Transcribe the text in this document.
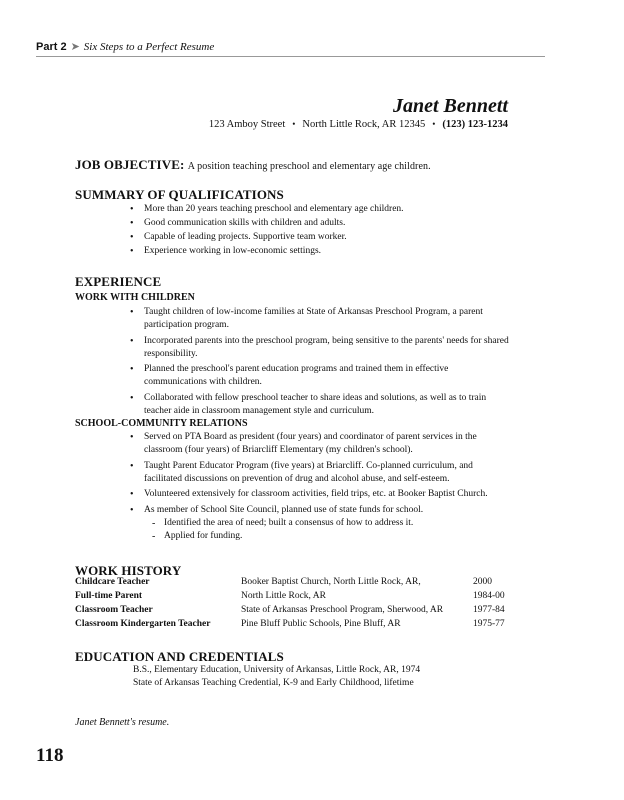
Part 2 ➤ Six Steps to a Perfect Resume
Janet Bennett
123 Amboy Street • North Little Rock, AR 12345 • (123) 123-1234
JOB OBJECTIVE: A position teaching preschool and elementary age children.
SUMMARY OF QUALIFICATIONS
• More than 20 years teaching preschool and elementary age children.
• Good communication skills with children and adults.
• Capable of leading projects. Supportive team worker.
• Experience working in low-economic settings.
EXPERIENCE
WORK WITH CHILDREN
• Taught children of low-income families at State of Arkansas Preschool Program, a parent participation program.
• Incorporated parents into the preschool program, being sensitive to the parents' needs for shared responsibility.
• Planned the preschool's parent education programs and trained them in effective communications with children.
• Collaborated with fellow preschool teacher to share ideas and solutions, as well as to train teacher aide in classroom management style and curriculum.
SCHOOL-COMMUNITY RELATIONS
• Served on PTA Board as president (four years) and coordinator of parent services in the classroom (four years) of Briarcliff Elementary (my children's school).
• Taught Parent Educator Program (five years) at Briarcliff. Co-planned curriculum, and facilitated discussions on prevention of drug and alcohol abuse, and self-esteem.
• Volunteered extensively for classroom activities, field trips, etc. at Booker Baptist Church.
• As member of School Site Council, planned use of state funds for school.
- Identified the area of need; built a consensus of how to address it.
- Applied for funding.
WORK HISTORY
Childcare Teacher	Booker Baptist Church, North Little Rock, AR,	2000
Full-time Parent	North Little Rock, AR	1984-00
Classroom Teacher	State of Arkansas Preschool Program, Sherwood, AR	1977-84
Classroom Kindergarten Teacher	Pine Bluff Public Schools, Pine Bluff, AR	1975-77
EDUCATION AND CREDENTIALS
B.S., Elementary Education, University of Arkansas, Little Rock, AR, 1974
State of Arkansas Teaching Credential, K-9 and Early Childhood, lifetime
Janet Bennett's resume.
118
